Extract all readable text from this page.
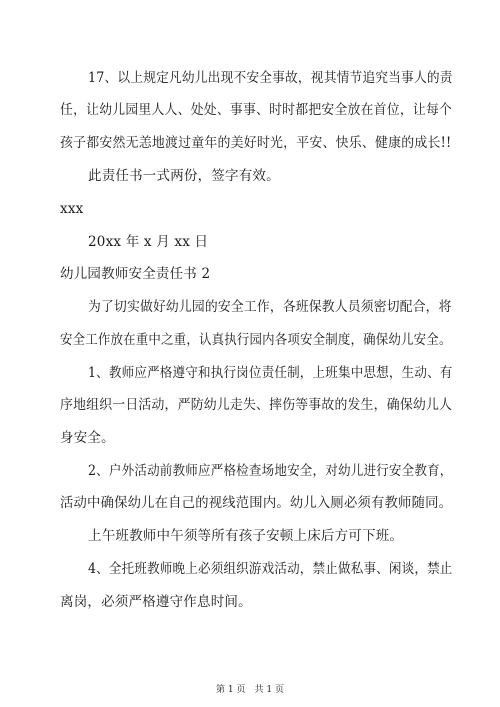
17、以上规定凡幼儿出现不安全事故，视其情节追究当事人的责
任，让幼儿园里人人、处处、事事、时时都把安全放在首位，让每个
孩子都安然无恙地渡过童年的美好时光，平安、快乐、健康的成长!!
此责任书一式两份，签字有效。
xxx
20xx 年 x 月 xx 日
幼儿园教师安全责任书 2
为了切实做好幼儿园的安全工作，各班保教人员须密切配合，将
安全工作放在重中之重，认真执行园内各项安全制度，确保幼儿安全。
1、教师应严格遵守和执行岗位责任制，上班集中思想，生动、有
序地组织一日活动，严防幼儿走失、摔伤等事故的发生，确保幼儿人
身安全。
2、户外活动前教师应严格检查场地安全，对幼儿进行安全教育，
活动中确保幼儿在自己的视线范围内。幼儿入厕必须有教师随同。
上午班教师中午须等所有孩子安顿上床后方可下班。
4、全托班教师晚上必须组织游戏活动，禁止做私事、闲谈，禁止
离岗，必须严格遵守作息时间。
第 1 页　共 1 页
